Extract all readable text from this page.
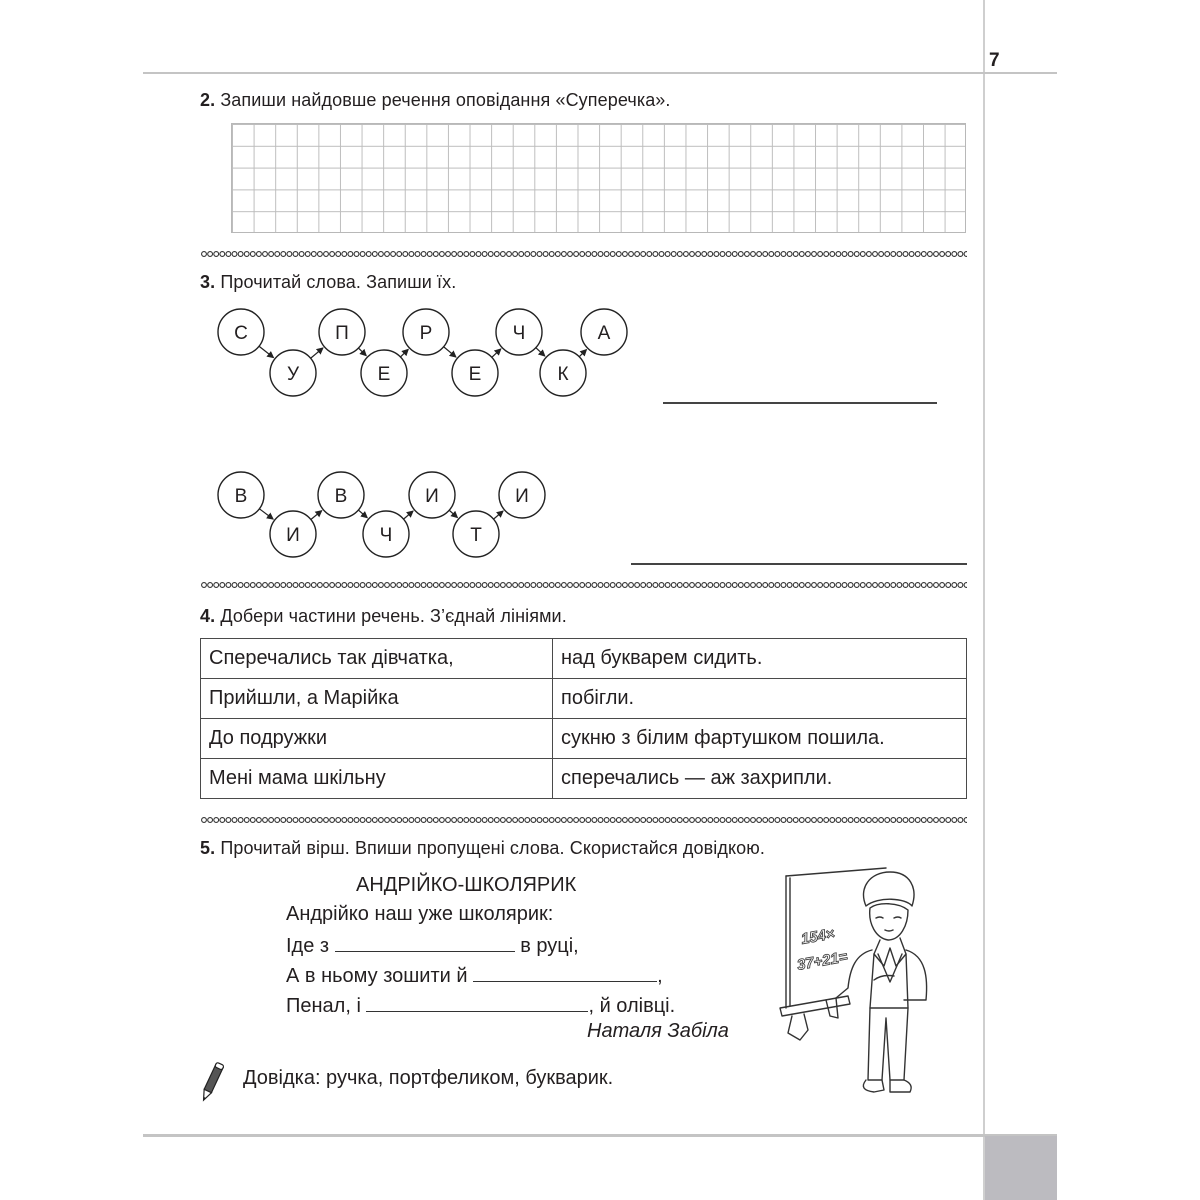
7
2. Запиши найдовше речення оповідання «Суперечка».
3. Прочитай слова. Запиши їх.
С
У
П
Е
Р
Е
Ч
К
А
В
И
В
Ч
И
Т
И
4. Добери частини речень. З’єднай лініями.
Сперечались так дівчатка,	над букварем сидить.
Прийшли, а Марійка	побігли.
До подружки	сукню з білим фартушком пошила.
Мені мама шкільну	сперечались — аж захрипли.
5. Прочитай вірш. Впиши пропущені слова. Скористайся довідкою.
АНДРІЙКО-ШКОЛЯРИК
Андрійко наш уже школярик:
Іде з	в руці,
А в ньому зошити й	,
Пенал, і	, й олівці.
Наталя Забіла
Довідка: ручка, портфеликом, букварик.
154×
37+21=
